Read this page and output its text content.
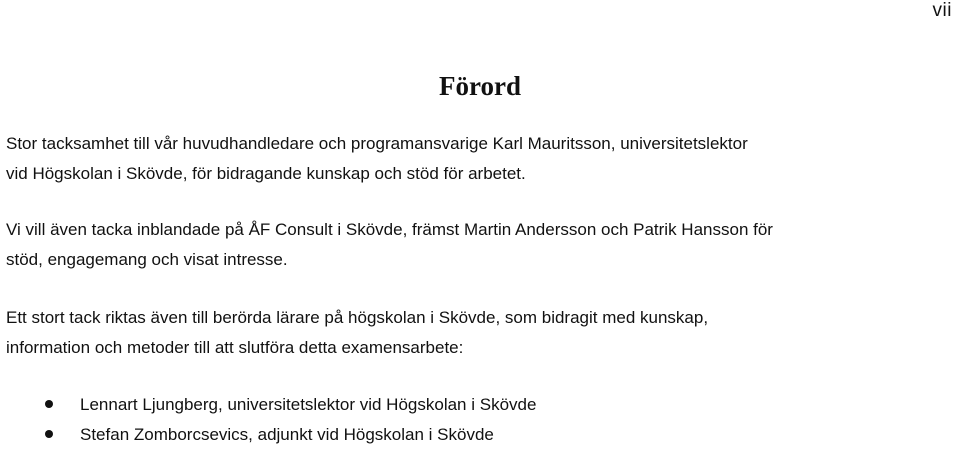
vii
Förord

Stor tacksamhet till vår huvudhandledare och programansvarige Karl Mauritsson, universitetslektor
vid Högskolan i Skövde, för bidragande kunskap och stöd för arbetet.

Vi vill även tacka inblandade på ÅF Consult i Skövde, främst Martin Andersson och Patrik Hansson för
stöd, engagemang och visat intresse.

Ett stort tack riktas även till berörda lärare på högskolan i Skövde, som bidragit med kunskap,
information och metoder till att slutföra detta examensarbete:

Lennart Ljungberg, universitetslektor vid Högskolan i Skövde
Stefan Zomborcsevics, adjunkt vid Högskolan i Skövde
